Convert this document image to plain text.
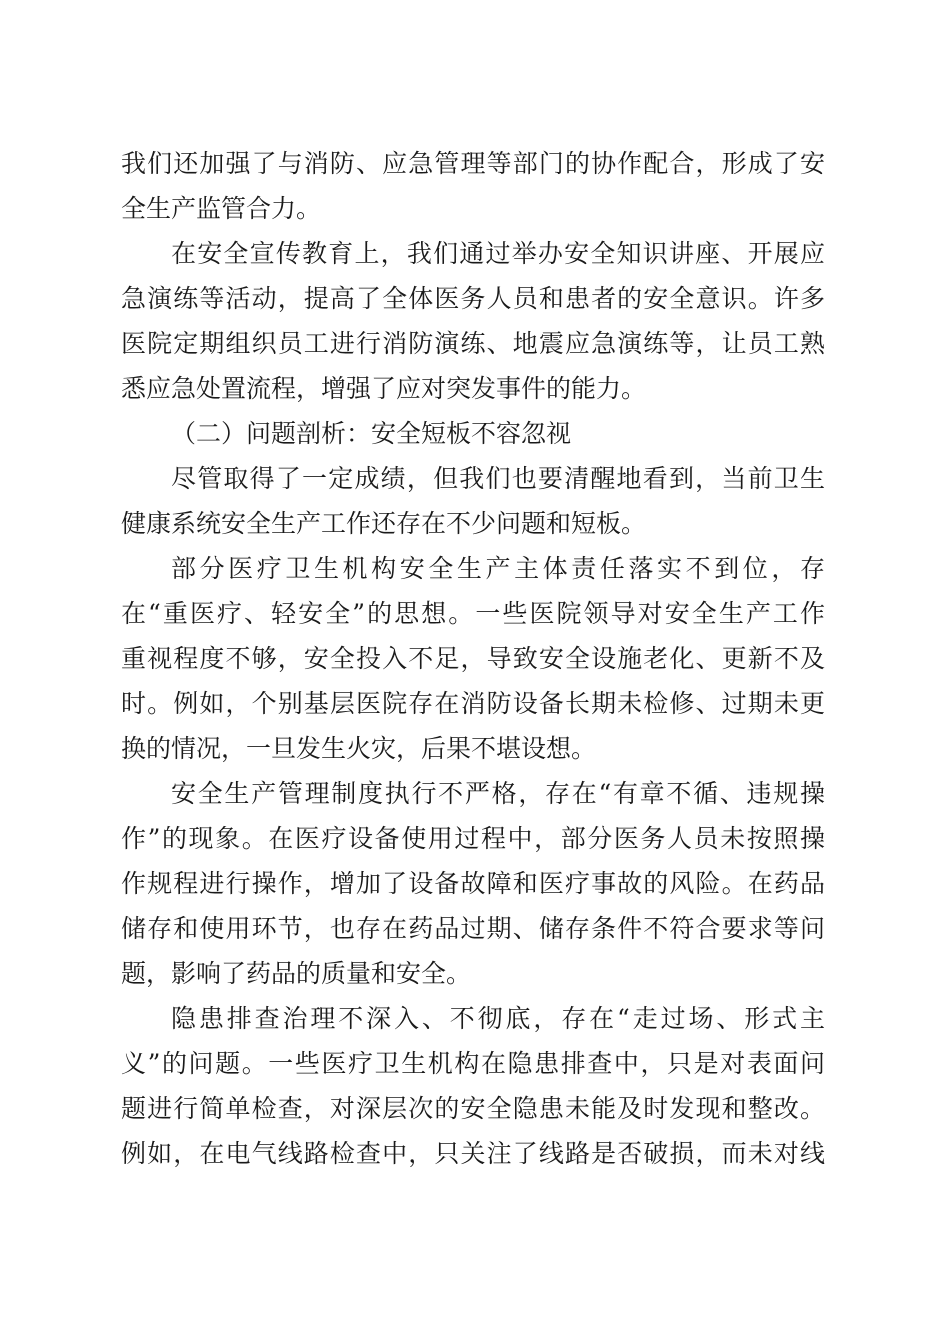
我们还加强了与消防、应急管理等部门的协作配合，形成了安
全生产监管合力。
在安全宣传教育上，我们通过举办安全知识讲座、开展应
急演练等活动，提高了全体医务人员和患者的安全意识。许多
医院定期组织员工进行消防演练、地震应急演练等，让员工熟
悉应急处置流程，增强了应对突发事件的能力。
（二）问题剖析：安全短板不容忽视
尽管取得了一定成绩，但我们也要清醒地看到，当前卫生
健康系统安全生产工作还存在不少问题和短板。
部分医疗卫生机构安全生产主体责任落实不到位，存
在“重医疗、轻安全”的思想。一些医院领导对安全生产工作
重视程度不够，安全投入不足，导致安全设施老化、更新不及
时。例如，个别基层医院存在消防设备长期未检修、过期未更
换的情况，一旦发生火灾，后果不堪设想。
安全生产管理制度执行不严格，存在“有章不循、违规操
作”的现象。在医疗设备使用过程中，部分医务人员未按照操
作规程进行操作，增加了设备故障和医疗事故的风险。在药品
储存和使用环节，也存在药品过期、储存条件不符合要求等问
题，影响了药品的质量和安全。
隐患排查治理不深入、不彻底，存在“走过场、形式主
义”的问题。一些医疗卫生机构在隐患排查中，只是对表面问
题进行简单检查，对深层次的安全隐患未能及时发现和整改。
例如，在电气线路检查中，只关注了线路是否破损，而未对线
